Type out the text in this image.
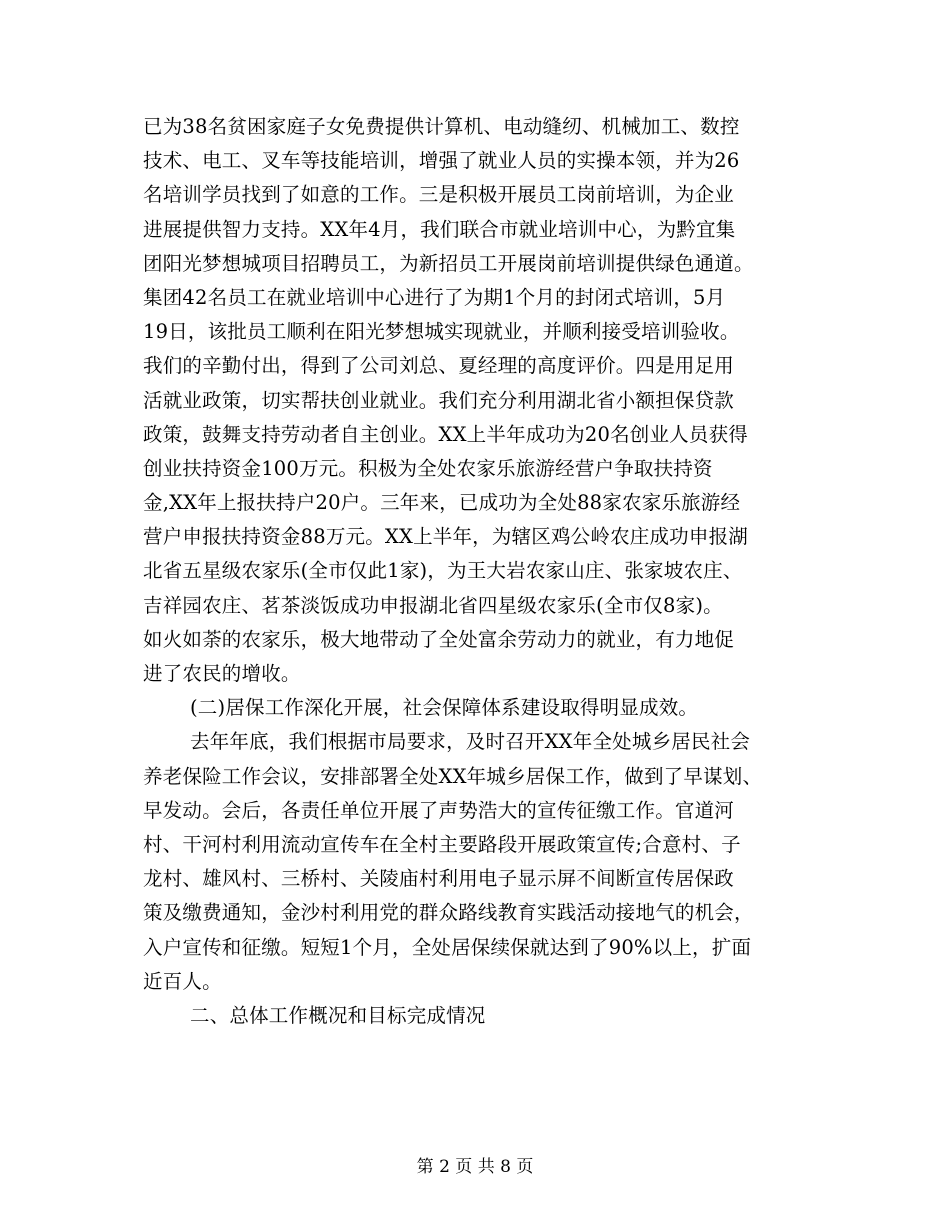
已为38名贫困家庭子女免费提供计算机、电动缝纫、机械加工、数控
技术、电工、叉车等技能培训，增强了就业人员的实操本领，并为26
名培训学员找到了如意的工作。三是积极开展员工岗前培训，为企业
进展提供智力支持。XX年4月，我们联合市就业培训中心，为黔宜集
团阳光梦想城项目招聘员工，为新招员工开展岗前培训提供绿色通道。
集团42名员工在就业培训中心进行了为期1个月的封闭式培训，5月
19日，该批员工顺利在阳光梦想城实现就业，并顺利接受培训验收。
我们的辛勤付出，得到了公司刘总、夏经理的高度评价。四是用足用
活就业政策，切实帮扶创业就业。我们充分利用湖北省小额担保贷款
政策，鼓舞支持劳动者自主创业。XX上半年成功为20名创业人员获得
创业扶持资金100万元。积极为全处农家乐旅游经营户争取扶持资
金,XX年上报扶持户20户。三年来，已成功为全处88家农家乐旅游经
营户申报扶持资金88万元。XX上半年，为辖区鸡公岭农庄成功申报湖
北省五星级农家乐(全市仅此1家)，为王大岩农家山庄、张家坡农庄、
吉祥园农庄、茗茶淡饭成功申报湖北省四星级农家乐(全市仅8家)。
如火如荼的农家乐，极大地带动了全处富余劳动力的就业，有力地促
进了农民的增收。
(二)居保工作深化开展，社会保障体系建设取得明显成效。
去年年底，我们根据市局要求，及时召开XX年全处城乡居民社会
养老保险工作会议，安排部署全处XX年城乡居保工作，做到了早谋划、
早发动。会后，各责任单位开展了声势浩大的宣传征缴工作。官道河
村、干河村利用流动宣传车在全村主要路段开展政策宣传;合意村、子
龙村、雄风村、三桥村、关陵庙村利用电子显示屏不间断宣传居保政
策及缴费通知，金沙村利用党的群众路线教育实践活动接地气的机会，
入户宣传和征缴。短短1个月，全处居保续保就达到了90%以上，扩面
近百人。
二、总体工作概况和目标完成情况
第 2 页 共 8 页
